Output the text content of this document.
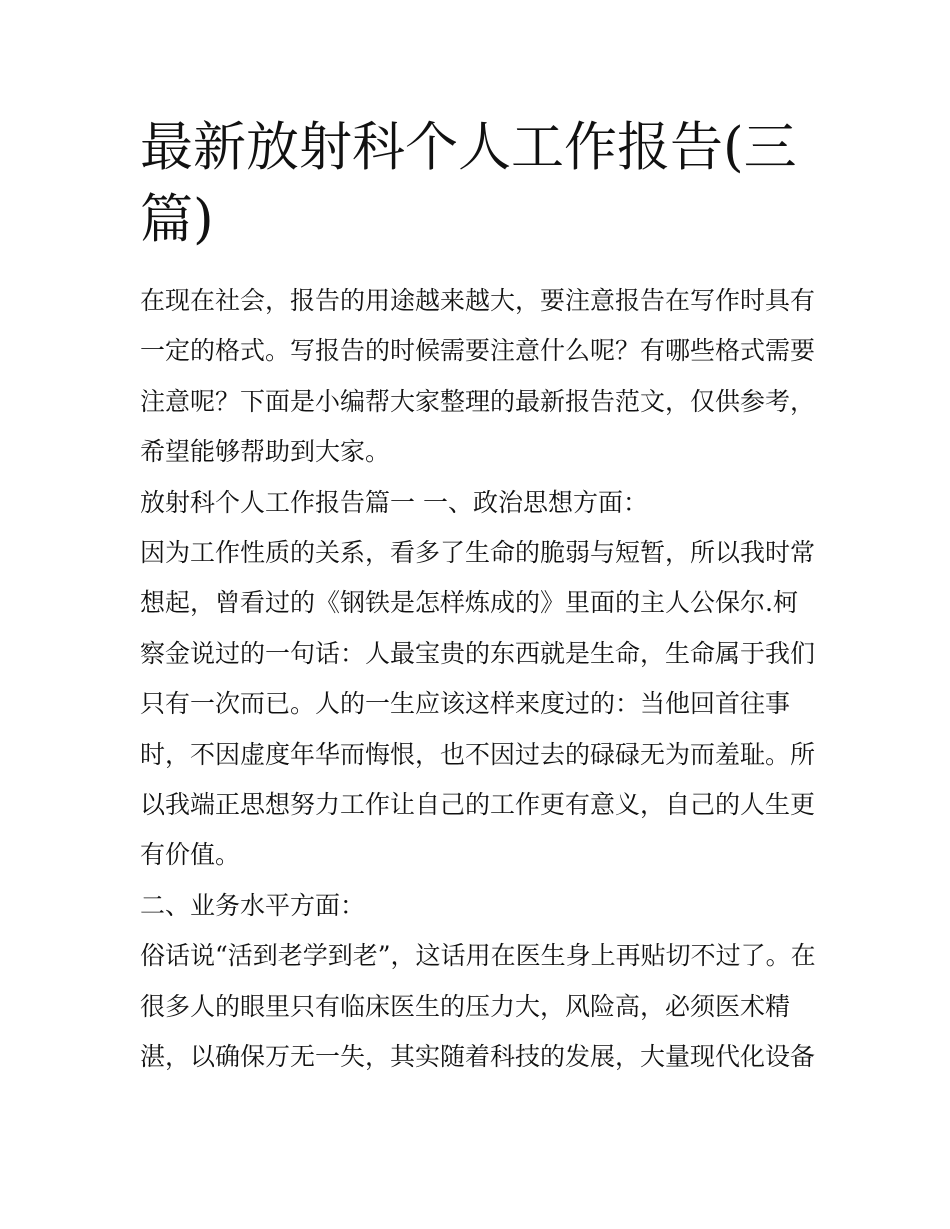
最新放射科个人工作报告(三篇)

在现在社会，报告的用途越来越大，要注意报告在写作时具有一定的格式。写报告的时候需要注意什么呢？有哪些格式需要注意呢？下面是小编帮大家整理的最新报告范文，仅供参考，希望能够帮助到大家。

放射科个人工作报告篇一 一、政治思想方面：

因为工作性质的关系，看多了生命的脆弱与短暂，所以我时常想起，曾看过的《钢铁是怎样炼成的》里面的主人公保尔.柯察金说过的一句话：人最宝贵的东西就是生命，生命属于我们只有一次而已。人的一生应该这样来度过的：当他回首往事时，不因虚度年华而悔恨，也不因过去的碌碌无为而羞耻。所以我端正思想努力工作让自己的工作更有意义，自己的人生更有价值。

二、业务水平方面：

俗话说“活到老学到老”，这话用在医生身上再贴切不过了。在很多人的眼里只有临床医生的压力大，风险高，必须医术精湛，以确保万无一失，其实随着科技的发展，大量现代化设备
